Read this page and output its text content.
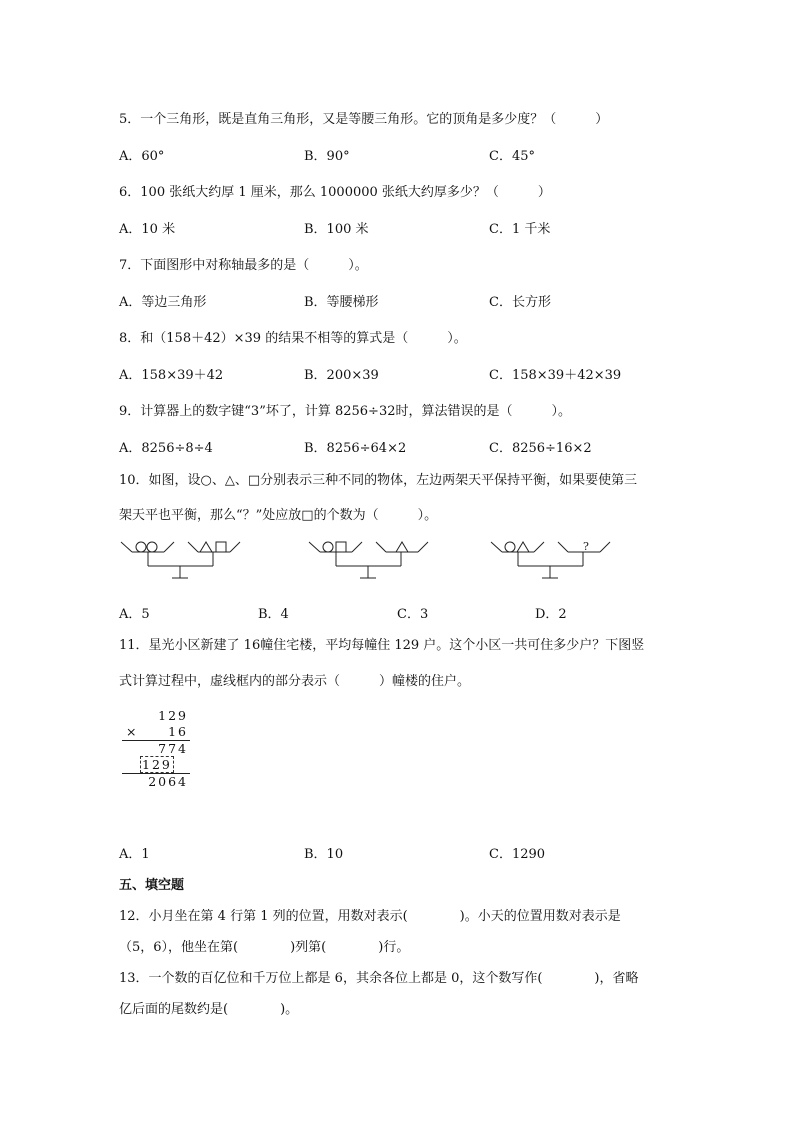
5．一个三角形，既是直角三角形，又是等腰三角形。它的顶角是多少度？（　　　）
A．60°	B．90°	C．45°
6．100 张纸大约厚 1 厘米，那么 1000000 张纸大约厚多少？（　　　）
A．10 米	B．100 米	C．1 千米
7．下面图形中对称轴最多的是（　　　）。
A．等边三角形	B．等腰梯形	C．长方形
8．和（158＋42）×39 的结果不相等的算式是（　　　）。
A．158×39＋42	B．200×39	C．158×39＋42×39
9．计算器上的数字键“3”坏了，计算 8256÷32时，算法错误的是（　　　）。
A．8256÷8÷4	B．8256÷64×2	C．8256÷16×2
10．如图，设○、△、□分别表示三种不同的物体，左边两架天平保持平衡，如果要使第三
架天平也平衡，那么“？”处应放□的个数为（　　　）。
?
A．5	B．4	C．3	D．2
11．星光小区新建了 16幢住宅楼，平均每幢住 129 户。这个小区一共可住多少户？下图竖
式计算过程中，虚线框内的部分表示（　　　）幢楼的住户。
129
×	16
774
129
2064
A．1	B．10	C．1290
五、填空题
12．小月坐在第 4 行第 1 列的位置，用数对表示(　　　　)。小天的位置用数对表示是
（5，6），他坐在第(　　　　)列第(　　　　)行。
13．一个数的百亿位和千万位上都是 6，其余各位上都是 0，这个数写作(　　　　)，省略
亿后面的尾数约是(　　　　)。
